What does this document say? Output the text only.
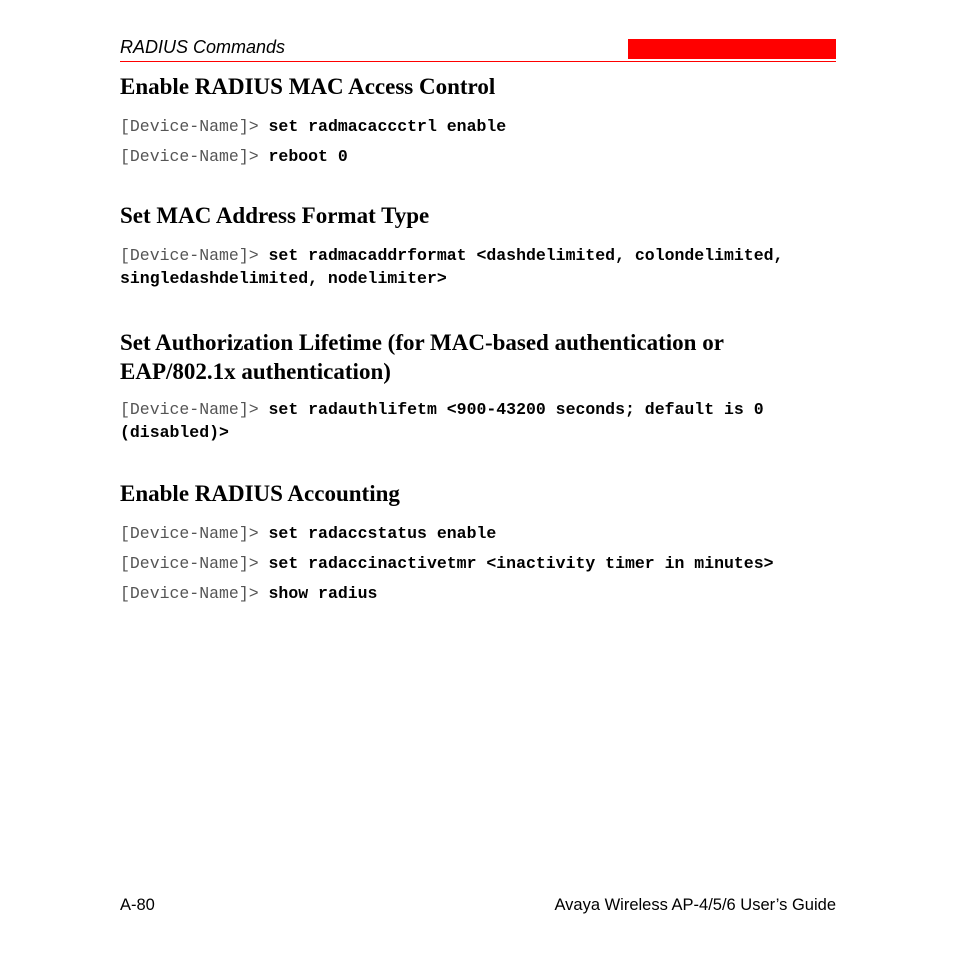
RADIUS Commands
Enable RADIUS MAC Access Control

[Device-Name]> set radmacaccctrl enable

[Device-Name]> reboot 0

Set MAC Address Format Type

[Device-Name]> set radmacaddrformat <dashdelimited, colondelimited, singledashdelimited, nodelimiter>

Set Authorization Lifetime (for MAC-based authentication or EAP/802.1x authentication)

[Device-Name]> set radauthlifetm <900-43200 seconds; default is 0 (disabled)>

Enable RADIUS Accounting

[Device-Name]> set radaccstatus enable

[Device-Name]> set radaccinactivetmr <inactivity timer in minutes>

[Device-Name]> show radius

A-80	Avaya Wireless AP-4/5/6 User’s Guide
